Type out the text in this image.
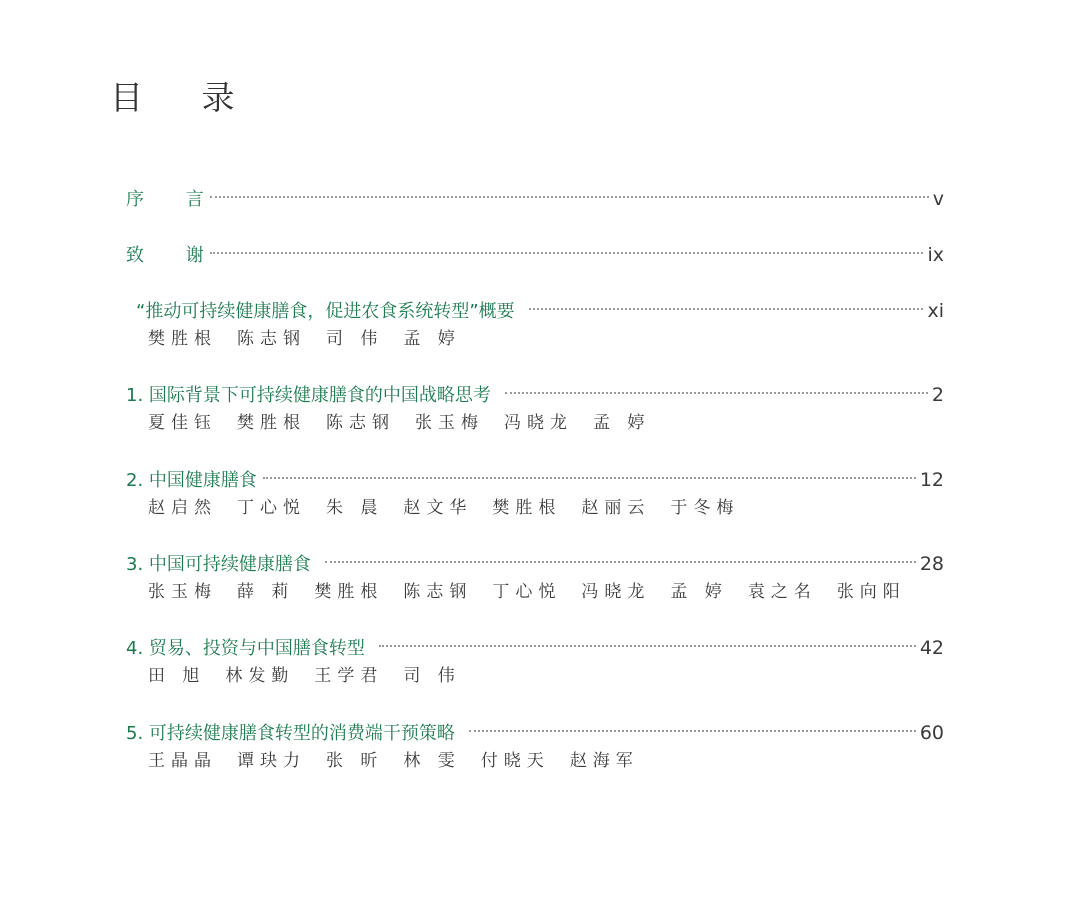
目 录
序 言	v
致 谢	ix
“推动可持续健康膳食，促进农食系统转型”概要	xi
樊胜根 陈志钢 司 伟 孟 婷
1. 国际背景下可持续健康膳食的中国战略思考	2
夏佳钰 樊胜根 陈志钢 张玉梅 冯晓龙 孟 婷
2. 中国健康膳食	12
赵启然 丁心悦 朱 晨 赵文华 樊胜根 赵丽云 于冬梅
3. 中国可持续健康膳食	28
张玉梅 薛 莉 樊胜根 陈志钢 丁心悦 冯晓龙 孟 婷 袁之名 张向阳
4. 贸易、投资与中国膳食转型	42
田 旭 林发勤 王学君 司 伟
5. 可持续健康膳食转型的消费端干预策略	60
王晶晶 谭玦力 张 昕 林 雯 付晓天 赵海军
